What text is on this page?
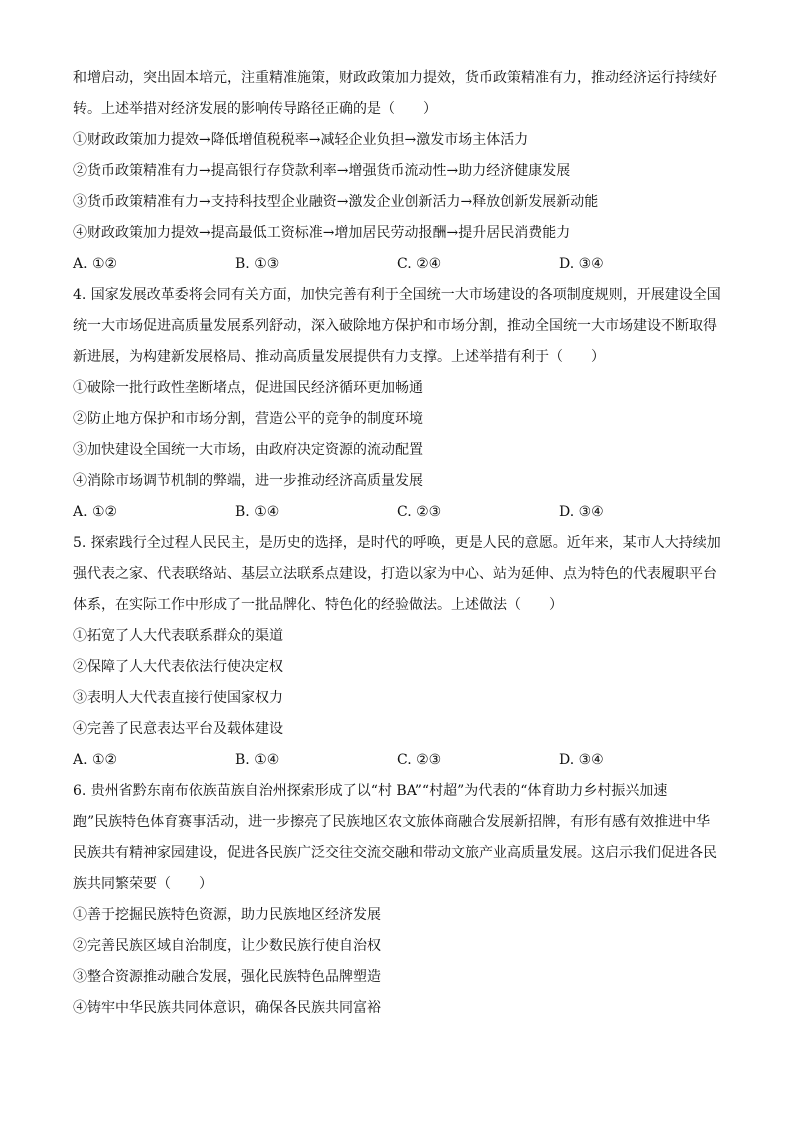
和增启动，突出固本培元，注重精准施策，财政政策加力提效，货币政策精准有力，推动经济运行持续好
转。上述举措对经济发展的影响传导路径正确的是（　　）
①财政政策加力提效→降低增值税税率→减轻企业负担→激发市场主体活力
②货币政策精准有力→提高银行存贷款利率→增强货币流动性→助力经济健康发展
③货币政策精准有力→支持科技型企业融资→激发企业创新活力→释放创新发展新动能
④财政政策加力提效→提高最低工资标准→增加居民劳动报酬→提升居民消费能力
A. ①②	B. ①③	C. ②④	D. ③④
4. 国家发展改革委将会同有关方面，加快完善有利于全国统一大市场建设的各项制度规则，开展建设全国
统一大市场促进高质量发展系列舒动，深入破除地方保护和市场分割，推动全国统一大市场建设不断取得
新进展，为构建新发展格局、推动高质量发展提供有力支撑。上述举措有利于（　　）
①破除一批行政性垄断堵点，促进国民经济循环更加畅通
②防止地方保护和市场分割，营造公平的竞争的制度环境
③加快建设全国统一大市场，由政府决定资源的流动配置
④消除市场调节机制的弊端，进一步推动经济高质量发展
A. ①②	B. ①④	C. ②③	D. ③④
5. 探索践行全过程人民民主，是历史的选择，是时代的呼唤，更是人民的意愿。近年来，某市人大持续加
强代表之家、代表联络站、基层立法联系点建设，打造以家为中心、站为延伸、点为特色的代表履职平台
体系，在实际工作中形成了一批品牌化、特色化的经验做法。上述做法（　　）
①拓宽了人大代表联系群众的渠道
②保障了人大代表依法行使决定权
③表明人大代表直接行使国家权力
④完善了民意表达平台及载体建设
A. ①②	B. ①④	C. ②③	D. ③④
6. 贵州省黔东南布依族苗族自治州探索形成了以“村 BA”“村超”为代表的“体育助力乡村振兴加速
跑”民族特色体育赛事活动，进一步擦亮了民族地区农文旅体商融合发展新招牌，有形有感有效推进中华
民族共有精神家园建设，促进各民族广泛交往交流交融和带动文旅产业高质量发展。这启示我们促进各民
族共同繁荣要（　　）
①善于挖掘民族特色资源，助力民族地区经济发展
②完善民族区域自治制度，让少数民族行使自治权
③整合资源推动融合发展，强化民族特色品牌塑造
④铸牢中华民族共同体意识，确保各民族共同富裕
